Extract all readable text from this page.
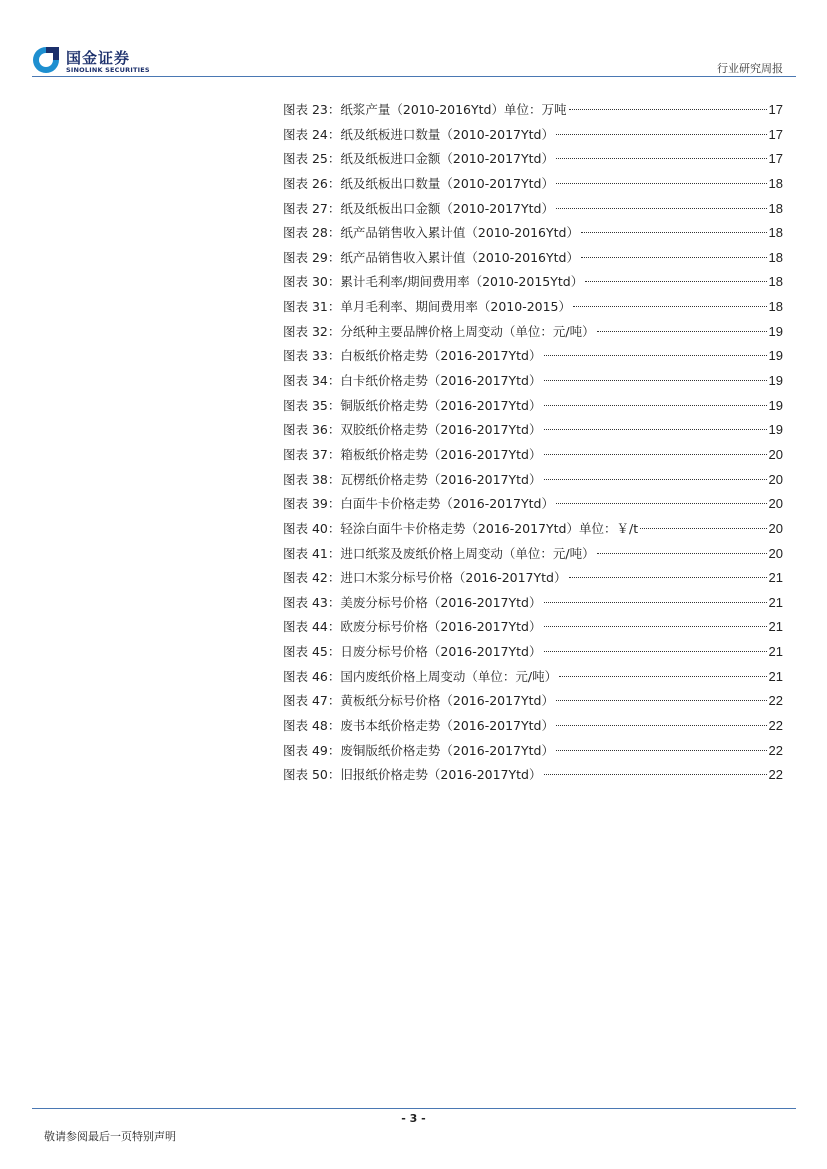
国金证券
SINOLINK SECURITIES	行业研究周报
图表 23：纸浆产量（2010-2016Ytd）单位：万吨	17
图表 24：纸及纸板进口数量（2010-2017Ytd）	17
图表 25：纸及纸板进口金额（2010-2017Ytd）	17
图表 26：纸及纸板出口数量（2010-2017Ytd）	18
图表 27：纸及纸板出口金额（2010-2017Ytd）	18
图表 28：纸产品销售收入累计值（2010-2016Ytd）	18
图表 29：纸产品销售收入累计值（2010-2016Ytd）	18
图表 30：累计毛利率/期间费用率（2010-2015Ytd）	18
图表 31：单月毛利率、期间费用率（2010-2015）	18
图表 32：分纸种主要品牌价格上周变动（单位：元/吨）	19
图表 33：白板纸价格走势（2016-2017Ytd）	19
图表 34：白卡纸价格走势（2016-2017Ytd）	19
图表 35：铜版纸价格走势（2016-2017Ytd）	19
图表 36：双胶纸价格走势（2016-2017Ytd）	19
图表 37：箱板纸价格走势（2016-2017Ytd）	20
图表 38：瓦楞纸价格走势（2016-2017Ytd）	20
图表 39：白面牛卡价格走势（2016-2017Ytd）	20
图表 40：轻涂白面牛卡价格走势（2016-2017Ytd）单位：￥/t	20
图表 41：进口纸浆及废纸价格上周变动（单位：元/吨）	20
图表 42：进口木浆分标号价格（2016-2017Ytd）	21
图表 43：美废分标号价格（2016-2017Ytd）	21
图表 44：欧废分标号价格（2016-2017Ytd）	21
图表 45：日废分标号价格（2016-2017Ytd）	21
图表 46：国内废纸价格上周变动（单位：元/吨）	21
图表 47：黄板纸分标号价格（2016-2017Ytd）	22
图表 48：废书本纸价格走势（2016-2017Ytd）	22
图表 49：废铜版纸价格走势（2016-2017Ytd）	22
图表 50：旧报纸价格走势（2016-2017Ytd）	22
- 3 -
敬请参阅最后一页特别声明
